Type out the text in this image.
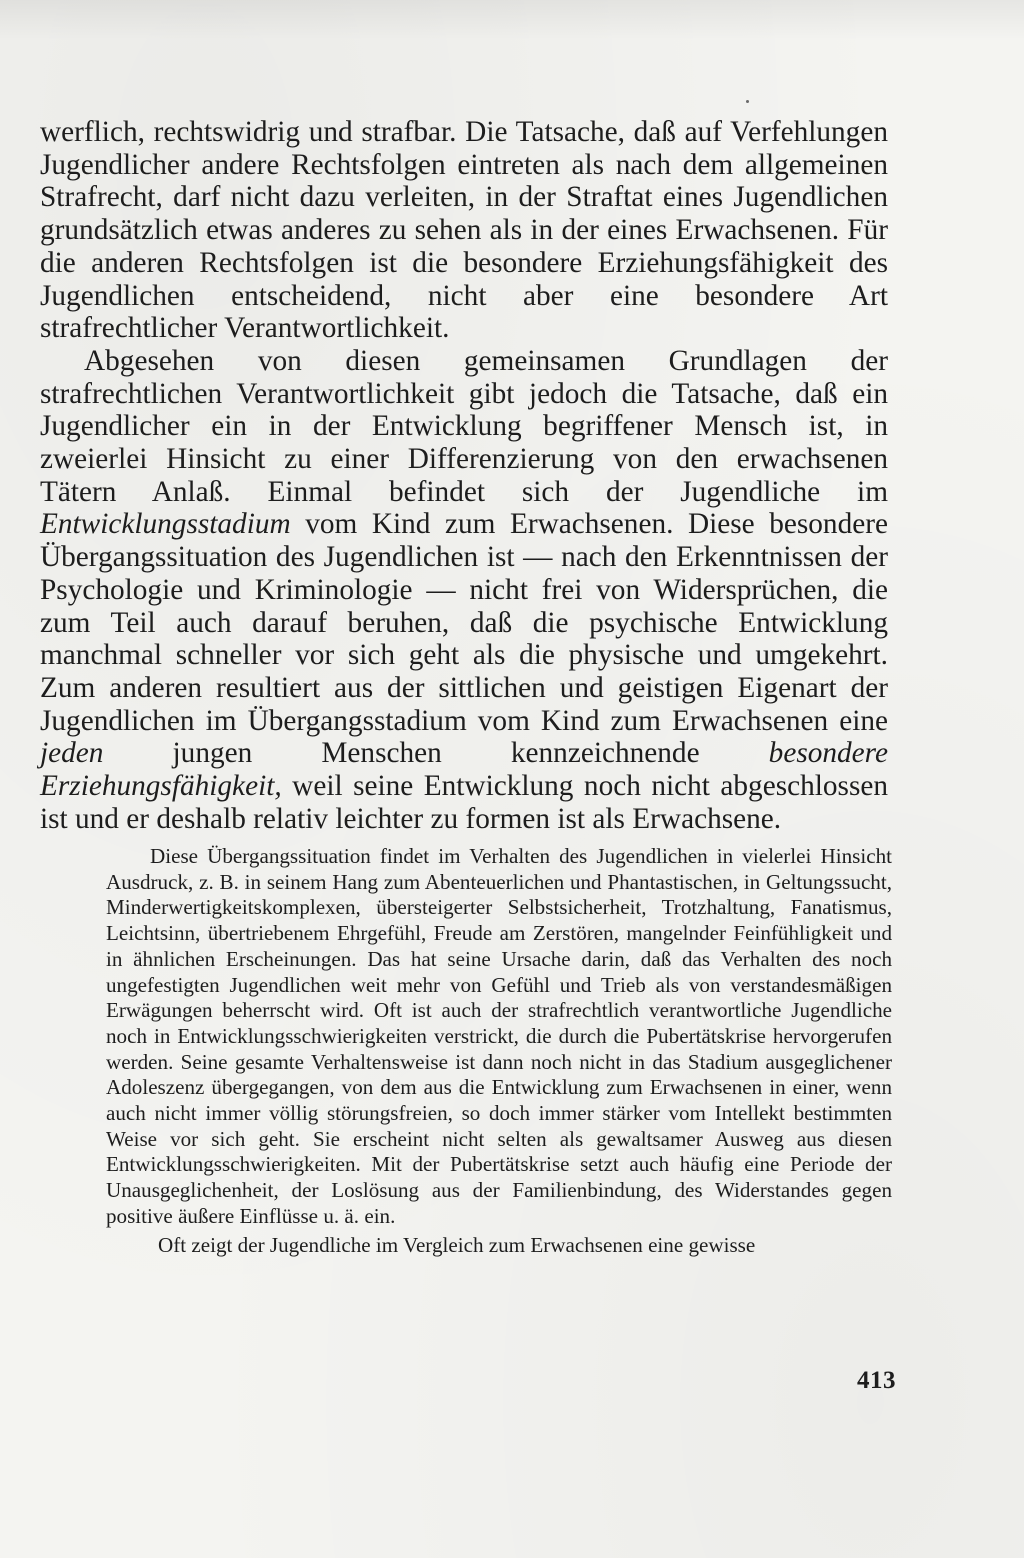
werflich, rechtswidrig und strafbar. Die Tatsache, daß auf Verfehlungen Jugendlicher andere Rechtsfolgen eintreten als nach dem allgemeinen Strafrecht, darf nicht dazu verleiten, in der Straftat eines Jugendlichen grundsätzlich etwas anderes zu sehen als in der eines Erwachsenen. Für die anderen Rechtsfolgen ist die besondere Erziehungsfähigkeit des Jugendlichen entscheidend, nicht aber eine besondere Art strafrechtlicher Verantwortlichkeit.

Abgesehen von diesen gemeinsamen Grundlagen der strafrechtlichen Verantwortlichkeit gibt jedoch die Tatsache, daß ein Jugendlicher ein in der Entwicklung begriffener Mensch ist, in zweierlei Hinsicht zu einer Differenzierung von den erwachsenen Tätern Anlaß. Einmal befindet sich der Jugendliche im Entwicklungsstadium vom Kind zum Erwachsenen. Diese besondere Übergangssituation des Jugendlichen ist — nach den Erkenntnissen der Psychologie und Kriminologie — nicht frei von Widersprüchen, die zum Teil auch darauf beruhen, daß die psychische Entwicklung manchmal schneller vor sich geht als die physische und umgekehrt. Zum anderen resultiert aus der sittlichen und geistigen Eigenart der Jugendlichen im Übergangsstadium vom Kind zum Erwachsenen eine jeden jungen Menschen kennzeichnende besondere Erziehungsfähigkeit, weil seine Entwicklung noch nicht abgeschlossen ist und er deshalb relativ leichter zu formen ist als Erwachsene.

Diese Übergangssituation findet im Verhalten des Jugendlichen in vielerlei Hinsicht Ausdruck, z. B. in seinem Hang zum Abenteuerlichen und Phantastischen, in Geltungssucht, Minderwertigkeitskomplexen, übersteigerter Selbstsicherheit, Trotzhaltung, Fanatismus, Leichtsinn, übertriebenem Ehrgefühl, Freude am Zerstören, mangelnder Feinfühligkeit und in ähnlichen Erscheinungen. Das hat seine Ursache darin, daß das Verhalten des noch ungefestigten Jugendlichen weit mehr von Gefühl und Trieb als von verstandesmäßigen Erwägungen beherrscht wird. Oft ist auch der strafrechtlich verantwortliche Jugendliche noch in Entwicklungsschwierigkeiten verstrickt, die durch die Pubertätskrise hervorgerufen werden. Seine gesamte Verhaltensweise ist dann noch nicht in das Stadium ausgeglichener Adoleszenz übergegangen, von dem aus die Entwicklung zum Erwachsenen in einer, wenn auch nicht immer völlig störungsfreien, so doch immer stärker vom Intellekt bestimmten Weise vor sich geht. Sie erscheint nicht selten als gewaltsamer Ausweg aus diesen Entwicklungsschwierigkeiten. Mit der Pubertätskrise setzt auch häufig eine Periode der Unausgeglichenheit, der Loslösung aus der Familienbindung, des Widerstandes gegen positive äußere Einflüsse u. ä. ein.

Oft zeigt der Jugendliche im Vergleich zum Erwachsenen eine gewisse

413
